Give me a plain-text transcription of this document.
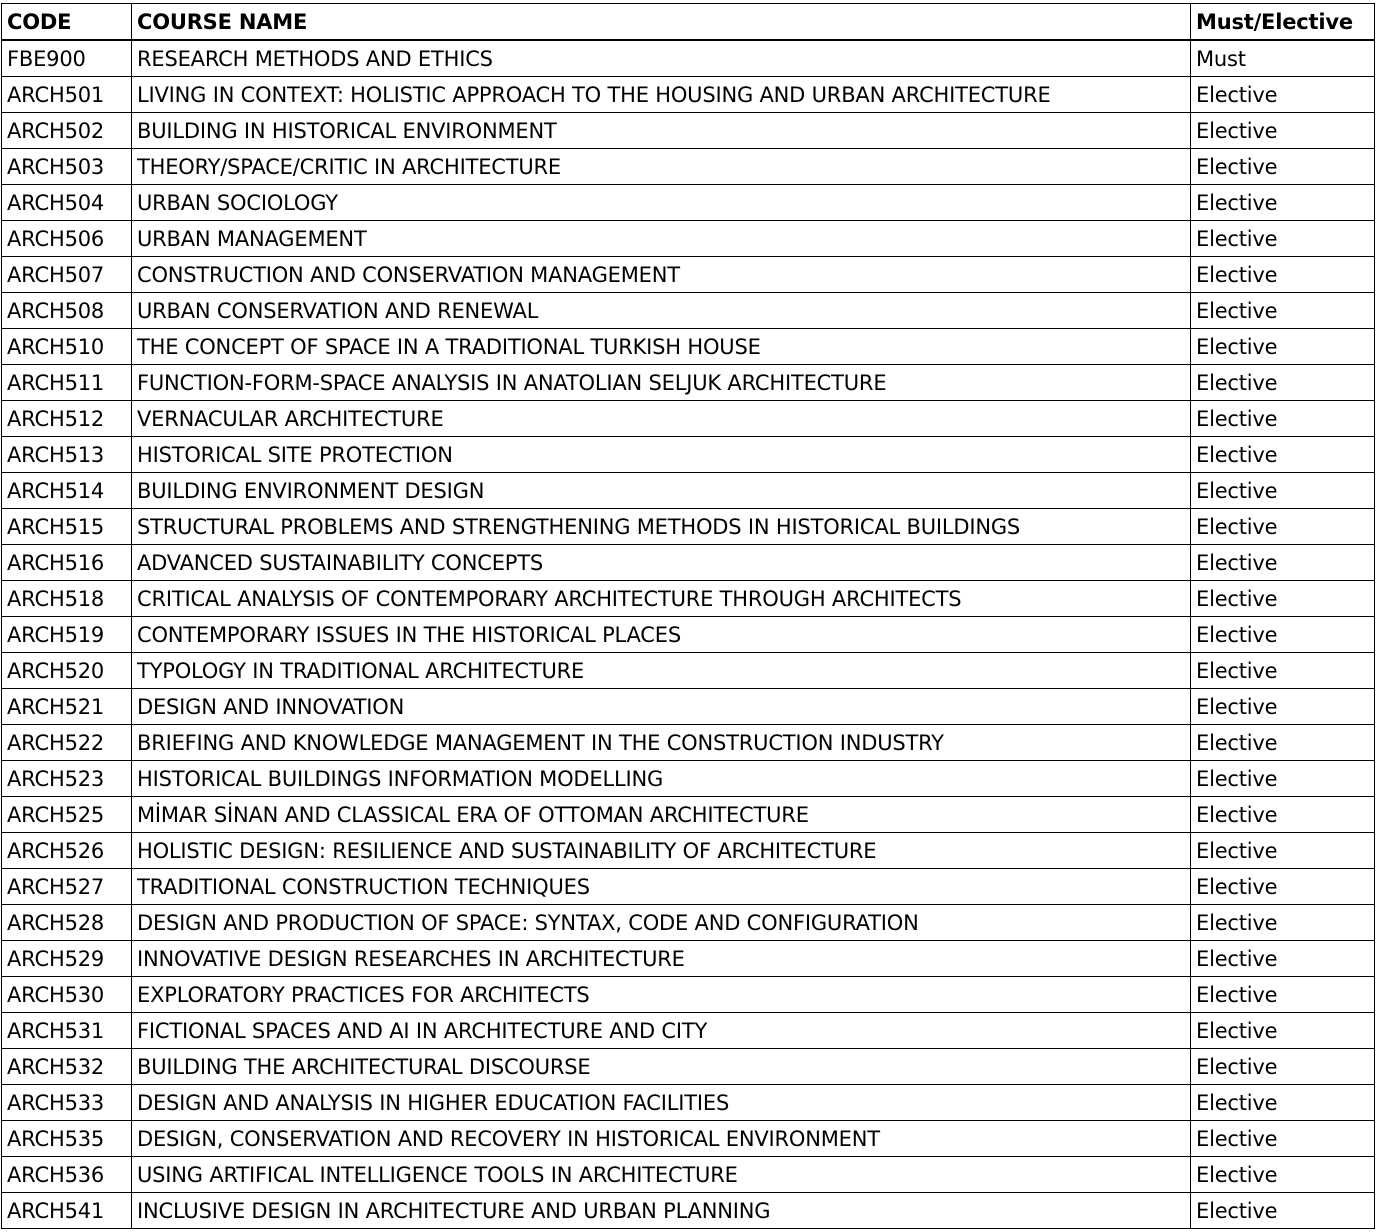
CODE	COURSE NAME	Must/Elective
FBE900	RESEARCH METHODS AND ETHICS	Must
ARCH501	LIVING IN CONTEXT: HOLISTIC APPROACH TO THE HOUSING AND URBAN ARCHITECTURE	Elective
ARCH502	BUILDING IN HISTORICAL ENVIRONMENT	Elective
ARCH503	THEORY/SPACE/CRITIC IN ARCHITECTURE	Elective
ARCH504	URBAN SOCIOLOGY	Elective
ARCH506	URBAN MANAGEMENT	Elective
ARCH507	CONSTRUCTION AND CONSERVATION MANAGEMENT	Elective
ARCH508	URBAN CONSERVATION AND RENEWAL	Elective
ARCH510	THE CONCEPT OF SPACE IN A TRADITIONAL TURKISH HOUSE	Elective
ARCH511	FUNCTION-FORM-SPACE ANALYSIS IN ANATOLIAN SELJUK ARCHITECTURE	Elective
ARCH512	VERNACULAR ARCHITECTURE	Elective
ARCH513	HISTORICAL SITE PROTECTION	Elective
ARCH514	BUILDING ENVIRONMENT DESIGN	Elective
ARCH515	STRUCTURAL PROBLEMS AND STRENGTHENING METHODS IN HISTORICAL BUILDINGS	Elective
ARCH516	ADVANCED SUSTAINABILITY CONCEPTS	Elective
ARCH518	CRITICAL ANALYSIS OF CONTEMPORARY ARCHITECTURE THROUGH ARCHITECTS	Elective
ARCH519	CONTEMPORARY ISSUES IN THE HISTORICAL PLACES	Elective
ARCH520	TYPOLOGY IN TRADITIONAL ARCHITECTURE	Elective
ARCH521	DESIGN AND INNOVATION	Elective
ARCH522	BRIEFING AND KNOWLEDGE MANAGEMENT IN THE CONSTRUCTION INDUSTRY	Elective
ARCH523	HISTORICAL BUILDINGS INFORMATION MODELLING	Elective
ARCH525	MİMAR SİNAN AND CLASSICAL ERA OF OTTOMAN ARCHITECTURE	Elective
ARCH526	HOLISTIC DESIGN: RESILIENCE AND SUSTAINABILITY OF ARCHITECTURE	Elective
ARCH527	TRADITIONAL CONSTRUCTION TECHNIQUES	Elective
ARCH528	DESIGN AND PRODUCTION OF SPACE: SYNTAX, CODE AND CONFIGURATION	Elective
ARCH529	INNOVATIVE DESIGN RESEARCHES IN ARCHITECTURE	Elective
ARCH530	EXPLORATORY PRACTICES FOR ARCHITECTS	Elective
ARCH531	FICTIONAL SPACES AND AI IN ARCHITECTURE AND CITY	Elective
ARCH532	BUILDING THE ARCHITECTURAL DISCOURSE	Elective
ARCH533	DESIGN AND ANALYSIS IN HIGHER EDUCATION FACILITIES	Elective
ARCH535	DESIGN, CONSERVATION AND RECOVERY IN HISTORICAL ENVIRONMENT	Elective
ARCH536	USING ARTIFICAL INTELLIGENCE TOOLS IN ARCHITECTURE	Elective
ARCH541	INCLUSIVE DESIGN IN ARCHITECTURE AND URBAN PLANNING	Elective
